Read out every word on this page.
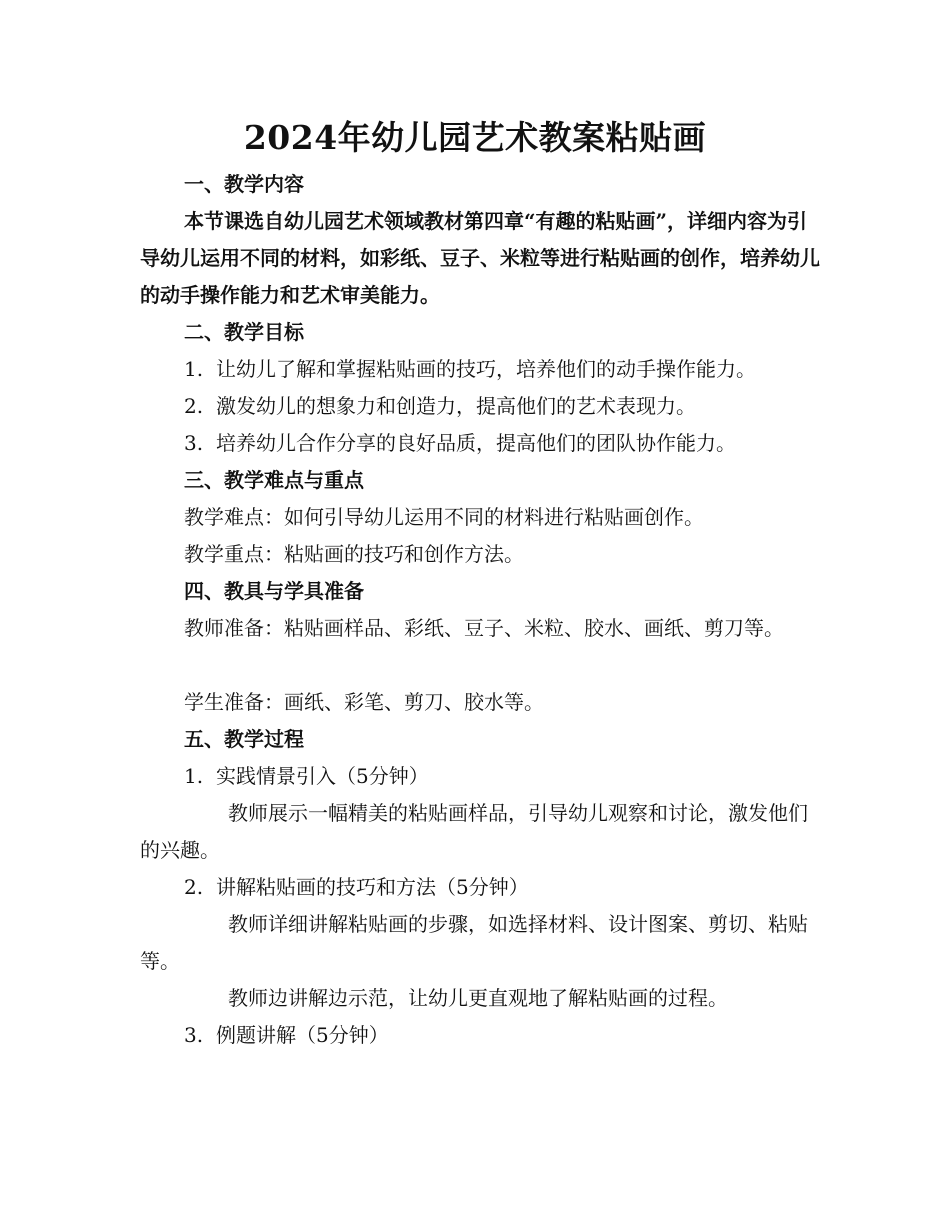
2024年幼儿园艺术教案粘贴画

一、教学内容

本节课选自幼儿园艺术领域教材第四章“有趣的粘贴画”，详细内容为引导幼儿运用不同的材料，如彩纸、豆子、米粒等进行粘贴画的创作，培养幼儿的动手操作能力和艺术审美能力。

二、教学目标

1. 让幼儿了解和掌握粘贴画的技巧，培养他们的动手操作能力。

2. 激发幼儿的想象力和创造力，提高他们的艺术表现力。

3. 培养幼儿合作分享的良好品质，提高他们的团队协作能力。

三、教学难点与重点

教学难点：如何引导幼儿运用不同的材料进行粘贴画创作。

教学重点：粘贴画的技巧和创作方法。

四、教具与学具准备

教师准备：粘贴画样品、彩纸、豆子、米粒、胶水、画纸、剪刀等。

学生准备：画纸、彩笔、剪刀、胶水等。

五、教学过程

1. 实践情景引入（5分钟）

教师展示一幅精美的粘贴画样品，引导幼儿观察和讨论，激发他们的兴趣。

2. 讲解粘贴画的技巧和方法（5分钟）

教师详细讲解粘贴画的步骤，如选择材料、设计图案、剪切、粘贴等。

教师边讲解边示范，让幼儿更直观地了解粘贴画的过程。

3. 例题讲解（5分钟）
